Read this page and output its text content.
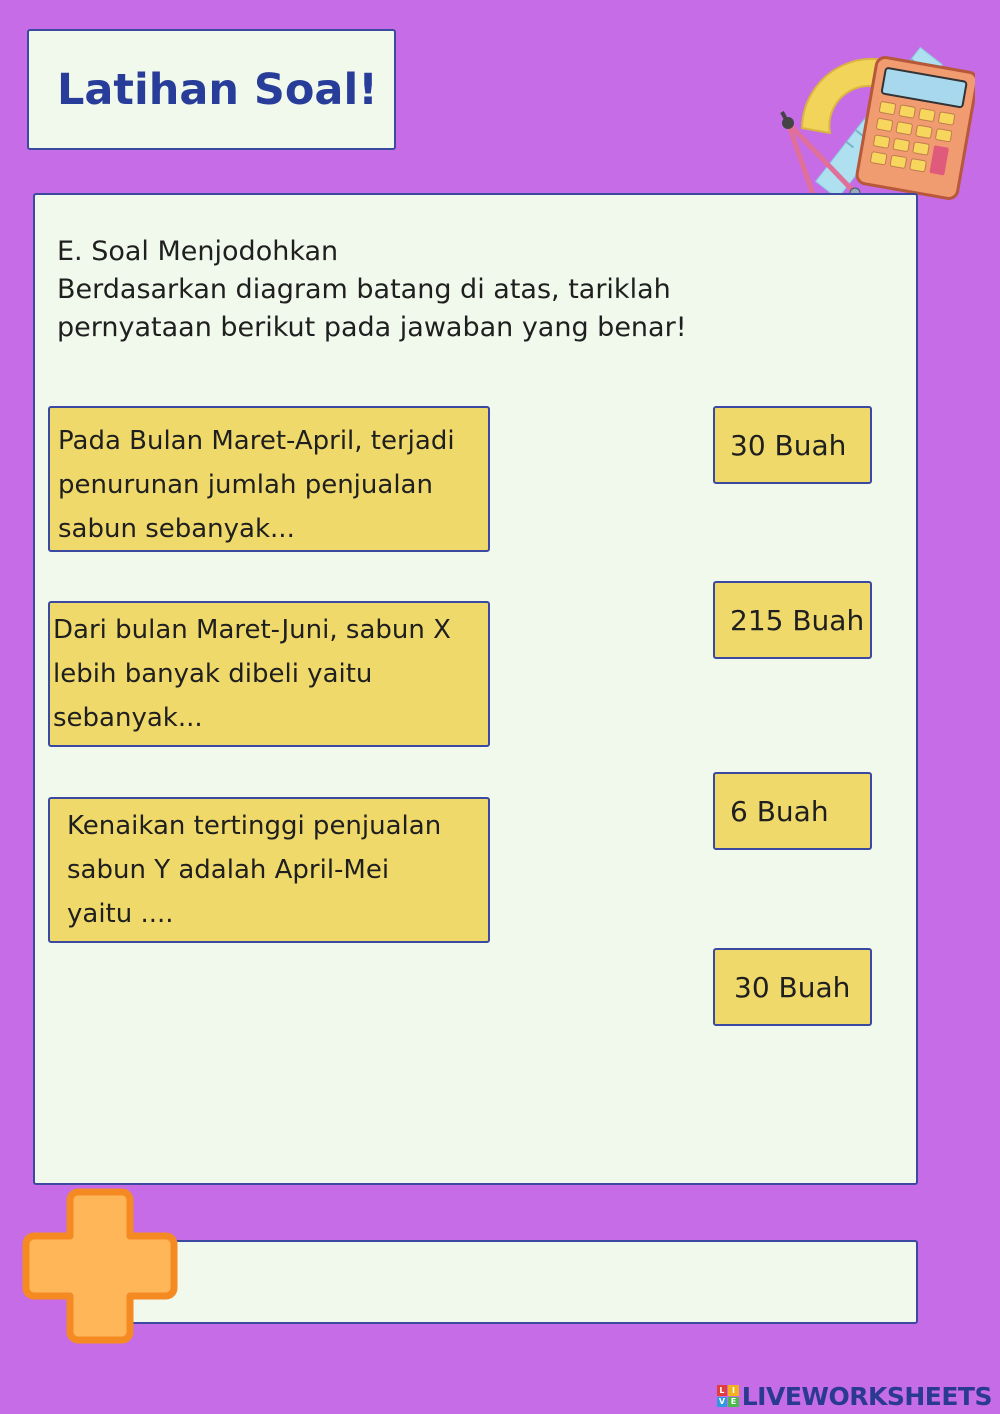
Latihan Soal!
E. Soal Menjodohkan
Berdasarkan diagram batang di atas, tariklah
pernyataan berikut pada jawaban yang benar!
Pada Bulan Maret-April, terjadi
penurunan jumlah penjualan
sabun sebanyak...
Dari bulan Maret-Juni, sabun X
lebih banyak dibeli yaitu
sebanyak...
Kenaikan tertinggi penjualan
sabun Y adalah April-Mei
yaitu ....
30 Buah
215 Buah
6 Buah
30 Buah
L I
V E LIVEWORKSHEETS
